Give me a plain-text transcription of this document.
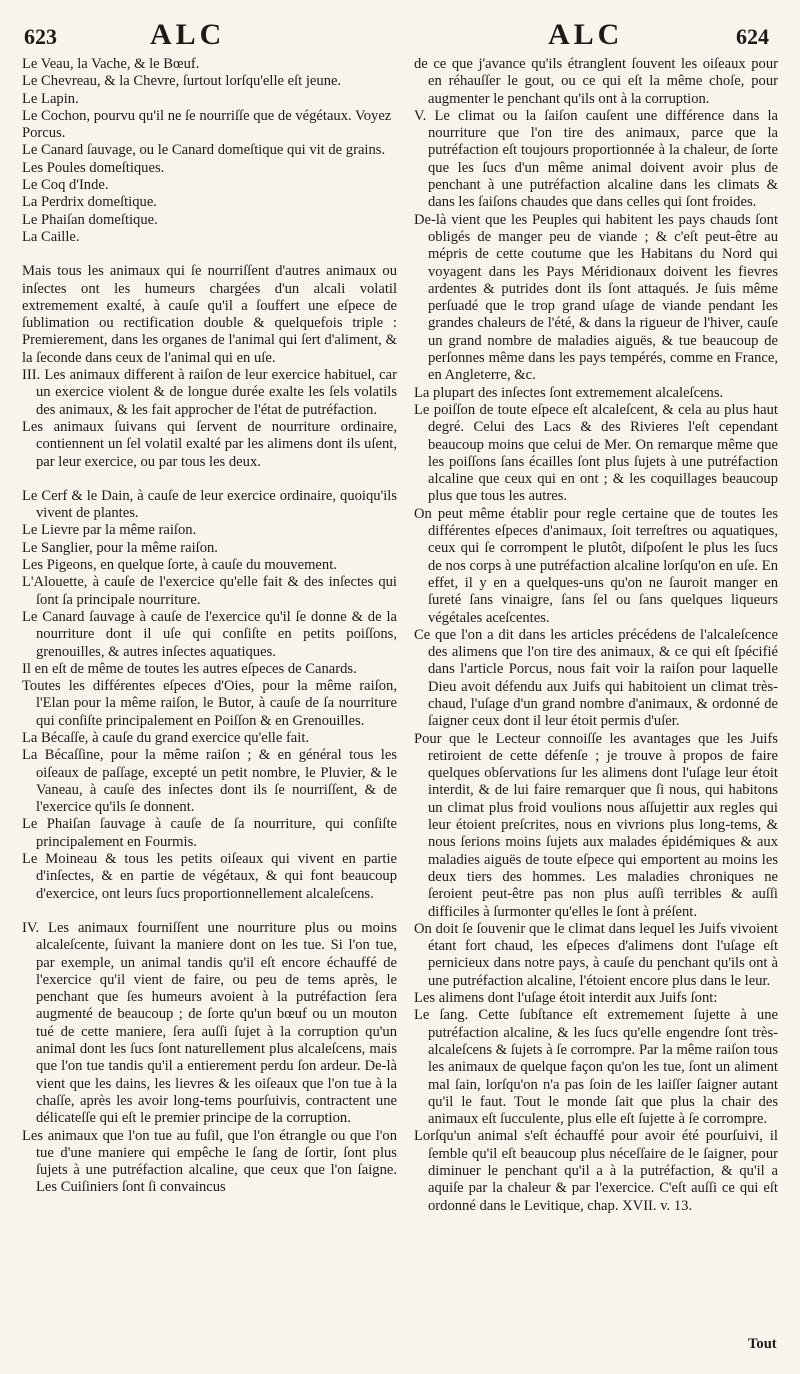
623	ALC	ALC	624

Le Veau, la Vache, & le Bœuf.

Le Chevreau, & la Chevre, ſurtout lorſqu'elle eſt jeune.

Le Lapin.

Le Cochon, pourvu qu'il ne ſe nourriſſe que de végétaux. Voyez Porcus.

Le Canard ſauvage, ou le Canard domeſtique qui vit de grains.

Les Poules domeſtiques.

Le Coq d'Inde.

La Perdrix domeſtique.

Le Phaiſan domeſtique.

La Caille.

Mais tous les animaux qui ſe nourriſſent d'autres animaux ou inſectes ont les humeurs chargées d'un alcali volatil extremement exalté, à cauſe qu'il a ſouffert une eſpece de ſublimation ou rectification double & quelquefois triple : Premierement, dans les organes de l'animal qui ſert d'aliment, & la ſeconde dans ceux de l'animal qui en uſe.

III. Les animaux different à raiſon de leur exercice habituel, car un exercice violent & de longue durée exalte les ſels volatils des animaux, & les fait approcher de l'état de putréfaction.

Les animaux ſuivans qui ſervent de nourriture ordinaire, contiennent un ſel volatil exalté par les alimens dont ils uſent, par leur exercice, ou par tous les deux.

Le Cerf & le Dain, à cauſe de leur exercice ordinaire, quoiqu'ils vivent de plantes.

Le Lievre par la même raiſon.

Le Sanglier, pour la même raiſon.

Les Pigeons, en quelque ſorte, à cauſe du mouvement.

L'Alouette, à cauſe de l'exercice qu'elle fait & des inſectes qui ſont ſa principale nourriture.

Le Canard ſauvage à cauſe de l'exercice qu'il ſe donne & de la nourriture dont il uſe qui conſiſte en petits poiſſons, grenouilles, & autres inſectes aquatiques.

Il en eſt de même de toutes les autres eſpeces de Canards.

Toutes les différentes eſpeces d'Oies, pour la même raiſon, l'Elan pour la même raiſon, le Butor, à cauſe de ſa nourriture qui conſiſte principalement en Poiſſon & en Grenouilles.

La Bécaſſe, à cauſe du grand exercice qu'elle fait.

La Bécaſſine, pour la même raiſon ; & en général tous les oiſeaux de paſſage, excepté un petit nombre, le Pluvier, & le Vaneau, à cauſe des inſectes dont ils ſe nourriſſent, & de l'exercice qu'ils ſe donnent.

Le Phaiſan ſauvage à cauſe de ſa nourriture, qui conſiſte principalement en Fourmis.

Le Moineau & tous les petits oiſeaux qui vivent en partie d'inſectes, & en partie de végétaux, & qui font beaucoup d'exercice, ont leurs ſucs proportionnellement alcaleſcens.

IV. Les animaux fourniſſent une nourriture plus ou moins alcaleſcente, ſuivant la maniere dont on les tue. Si l'on tue, par exemple, un animal tandis qu'il eſt encore échauffé de l'exercice qu'il vient de faire, ou peu de tems après, le penchant que ſes humeurs avoient à la putréfaction ſera augmenté de beaucoup ; de ſorte qu'un bœuf ou un mouton tué de cette maniere, ſera auſſi ſujet à la corruption qu'un animal dont les ſucs ſont naturellement plus alcaleſcens, mais que l'on tue tandis qu'il a entierement perdu ſon ardeur. De-là vient que les dains, les lievres & les oiſeaux que l'on tue à la chaſſe, après les avoir long-tems pourſuivis, contractent une délicateſſe qui eſt le premier principe de la corruption.

Les animaux que l'on tue au fuſil, que l'on étrangle ou que l'on tue d'une maniere qui empêche le ſang de ſortir, ſont plus ſujets à une putréfaction alcaline, que ceux que l'on ſaigne. Les Cuiſiniers ſont ſi convaincus

de ce que j'avance qu'ils étranglent ſouvent les oiſeaux pour en réhauſſer le gout, ou ce qui eſt la même choſe, pour augmenter le penchant qu'ils ont à la corruption.

V. Le climat ou la ſaiſon cauſent une différence dans la nourriture que l'on tire des animaux, parce que la putréfaction eſt toujours proportionnée à la chaleur, de ſorte que les ſucs d'un même animal doivent avoir plus de penchant à une putréfaction alcaline dans les climats & dans les ſaiſons chaudes que dans celles qui ſont froides.

De-là vient que les Peuples qui habitent les pays chauds ſont obligés de manger peu de viande ; & c'eſt peut-être au mépris de cette coutume que les Habitans du Nord qui voyagent dans les Pays Méridionaux doivent les fievres ardentes & putrides dont ils ſont attaqués. Je ſuis même perſuadé que le trop grand uſage de viande pendant les grandes chaleurs de l'été, & dans la rigueur de l'hiver, cauſe un grand nombre de maladies aiguës, & tue beaucoup de perſonnes même dans les pays tempérés, comme en France, en Angleterre, &c.

La plupart des inſectes ſont extremement alcaleſcens.

Le poiſſon de toute eſpece eſt alcaleſcent, & cela au plus haut degré. Celui des Lacs & des Rivieres l'eſt cependant beaucoup moins que celui de Mer. On remarque même que les poiſſons ſans écailles ſont plus ſujets à une putréfaction alcaline que ceux qui en ont ; & les coquillages beaucoup plus que tous les autres.

On peut même établir pour regle certaine que de toutes les différentes eſpeces d'animaux, ſoit terreſtres ou aquatiques, ceux qui ſe corrompent le plutôt, diſpoſent le plus les ſucs de nos corps à une putréfaction alcaline lorſqu'on en uſe. En effet, il y en a quelques-uns qu'on ne ſauroit manger en ſureté ſans vinaigre, ſans ſel ou ſans quelques liqueurs végétales aceſcentes.

Ce que l'on a dit dans les articles précédens de l'alcaleſcence des alimens que l'on tire des animaux, & ce qui eſt ſpécifié dans l'article Porcus, nous fait voir la raiſon pour laquelle Dieu avoit défendu aux Juifs qui habitoient un climat très-chaud, l'uſage d'un grand nombre d'animaux, & ordonné de ſaigner ceux dont il leur étoit permis d'uſer.

Pour que le Lecteur connoiſſe les avantages que les Juifs retiroient de cette défenſe ; je trouve à propos de faire quelques obſervations ſur les alimens dont l'uſage leur étoit interdit, & de lui faire remarquer que ſi nous, qui habitons un climat plus froid voulions nous aſſujettir aux regles qui leur étoient preſcrites, nous en vivrions plus long-tems, & nous ſerions moins ſujets aux malades épidémiques & aux maladies aiguës de toute eſpece qui emportent au moins les deux tiers des hommes. Les maladies chroniques ne ſeroient peut-être pas non plus auſſi terribles & auſſi difficiles à ſurmonter qu'elles le ſont à préſent.

On doit ſe ſouvenir que le climat dans lequel les Juifs vivoient étant fort chaud, les eſpeces d'alimens dont l'uſage eſt pernicieux dans notre pays, à cauſe du penchant qu'ils ont à une putréfaction alcaline, l'étoient encore plus dans le leur.

Les alimens dont l'uſage étoit interdit aux Juifs ſont:

Le ſang. Cette ſubſtance eſt extremement ſujette à une putréfaction alcaline, & les ſucs qu'elle engendre ſont très-alcaleſcens & ſujets à ſe corrompre. Par la même raiſon tous les animaux de quelque façon qu'on les tue, ſont un aliment mal ſain, lorſqu'on n'a pas ſoin de les laiſſer ſaigner autant qu'il le faut. Tout le monde ſait que plus la chair des animaux eſt ſucculente, plus elle eſt ſujette à ſe corrompre.

Lorſqu'un animal s'eſt échauffé pour avoir été pourſuivi, il ſemble qu'il eſt beaucoup plus néceſſaire de le ſaigner, pour diminuer le penchant qu'il a à la putréfaction, & qu'il a aquiſe par la chaleur & par l'exercice. C'eſt auſſi ce qui eſt ordonné dans le Levitique, chap. XVII. v. 13.

Tout
